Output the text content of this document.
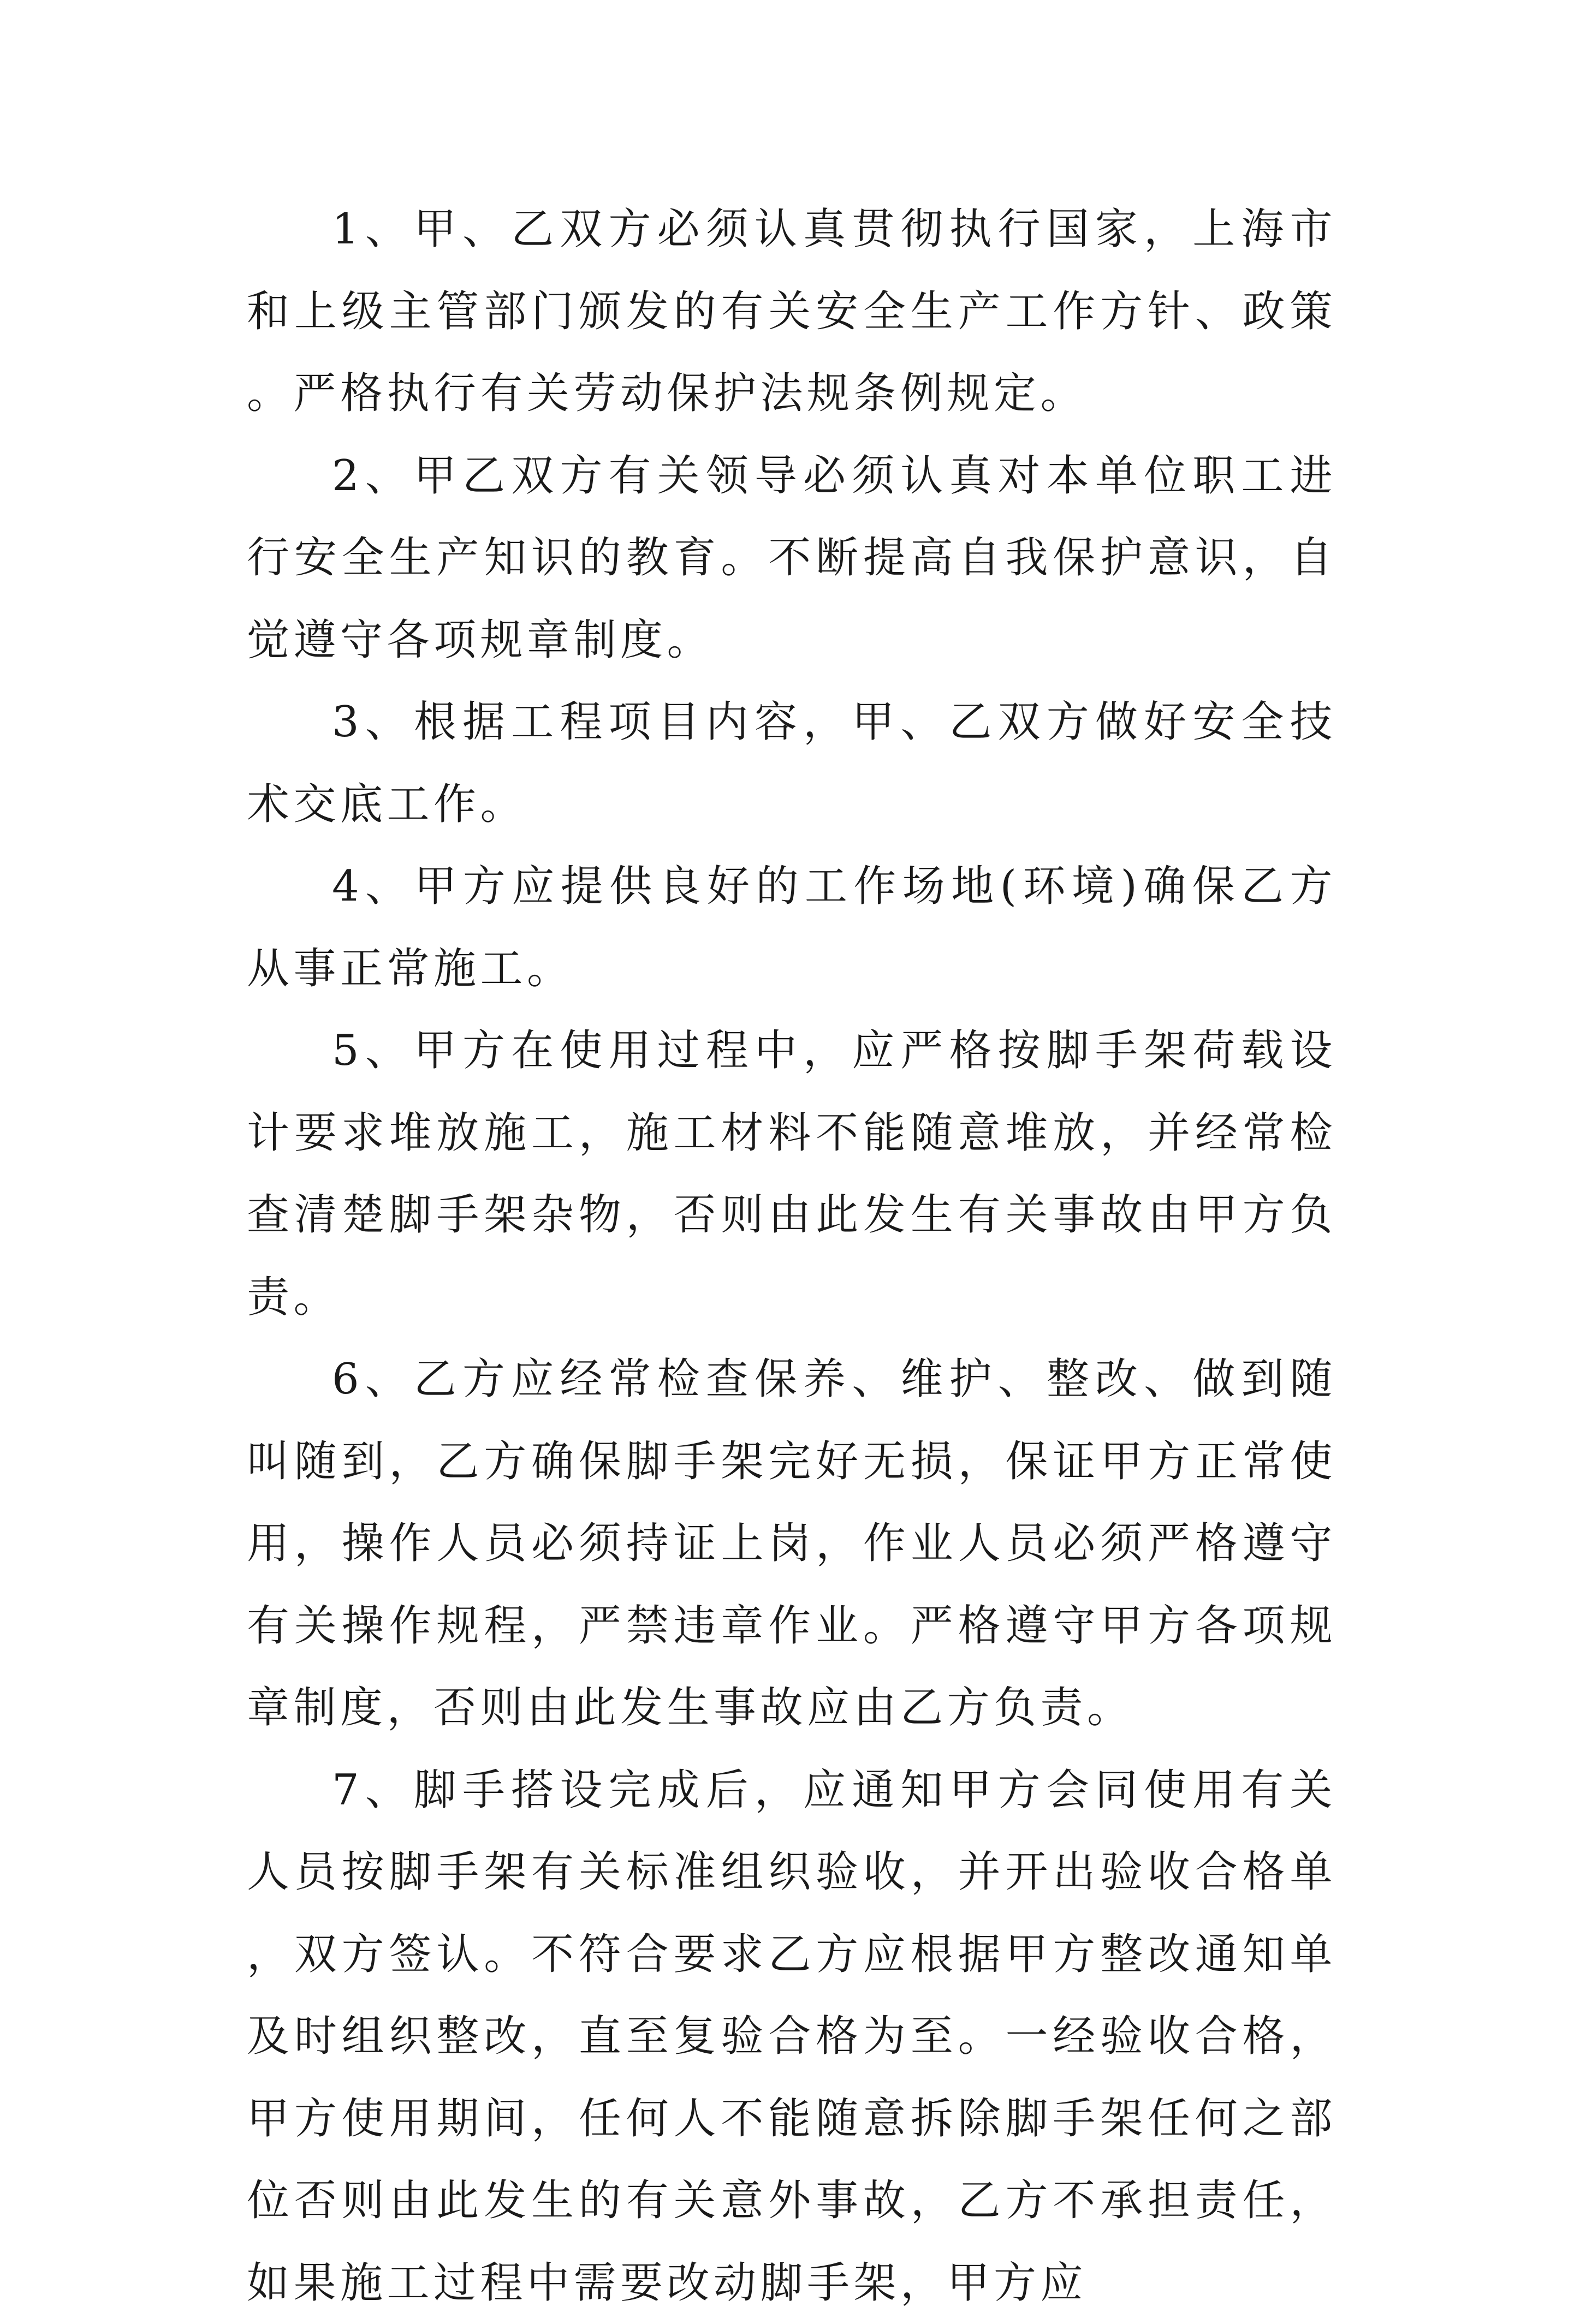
1、甲、乙双方必须认真贯彻执行国家，上海市和上级主管部门颁发的有关安全生产工作方针、政策。严格执行有关劳动保护法规条例规定。

2、甲乙双方有关领导必须认真对本单位职工进行安全生产知识的教育。不断提高自我保护意识，自觉遵守各项规章制度。

3、根据工程项目内容，甲、乙双方做好安全技术交底工作。

4、甲方应提供良好的工作场地(环境)确保乙方从事正常施工。

5、甲方在使用过程中，应严格按脚手架荷载设计要求堆放施工，施工材料不能随意堆放，并经常检查清楚脚手架杂物，否则由此发生有关事故由甲方负责。

6、乙方应经常检查保养、维护、整改、做到随叫随到，乙方确保脚手架完好无损，保证甲方正常使用，操作人员必须持证上岗，作业人员必须严格遵守有关操作规程，严禁违章作业。严格遵守甲方各项规章制度，否则由此发生事故应由乙方负责。

7、脚手搭设完成后，应通知甲方会同使用有关人员按脚手架有关标准组织验收，并开出验收合格单，双方签认。不符合要求乙方应根据甲方整改通知单及时组织整改，直至复验合格为至。一经验收合格，甲方使用期间，任何人不能随意拆除脚手架任何之部位否则由此发生的有关意外事故，乙方不承担责任，如果施工过程中需要改动脚手架，甲方应
